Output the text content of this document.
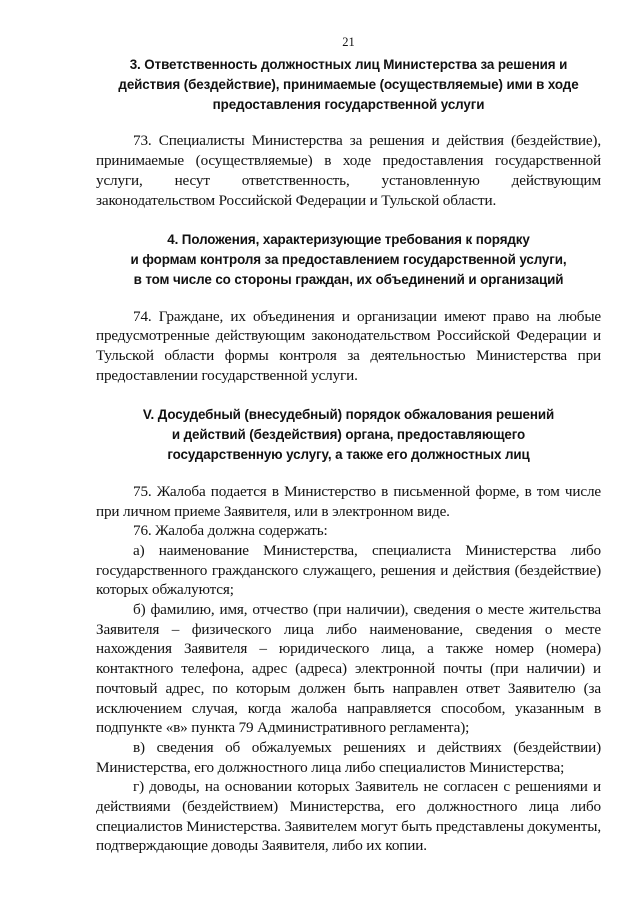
21
3. Ответственность должностных лиц Министерства за решения и
действия (бездействие), принимаемые (осуществляемые) ими в ходе
предоставления государственной услуги

73. Специалисты Министерства за решения и действия (бездействие), принимаемые (осуществляемые) в ходе предоставления государственной услуги, несут ответственность, установленную действующим законодательством Российской Федерации и Тульской области.

4. Положения, характеризующие требования к порядку
и формам контроля за предоставлением государственной услуги,
в том числе со стороны граждан, их объединений и организаций

74. Граждане, их объединения и организации имеют право на любые предусмотренные действующим законодательством Российской Федерации и Тульской области формы контроля за деятельностью Министерства при предоставлении государственной услуги.

V. Досудебный (внесудебный) порядок обжалования решений
и действий (бездействия) органа, предоставляющего
государственную услугу, а также его должностных лиц

75. Жалоба подается в Министерство в письменной форме, в том числе при личном приеме Заявителя, или в электронном виде.

76. Жалоба должна содержать:

а) наименование Министерства, специалиста Министерства либо государственного гражданского служащего, решения и действия (бездействие) которых обжалуются;

б) фамилию, имя, отчество (при наличии), сведения о месте жительства Заявителя – физического лица либо наименование, сведения о месте нахождения Заявителя – юридического лица, а также номер (номера) контактного телефона, адрес (адреса) электронной почты (при наличии) и почтовый адрес, по которым должен быть направлен ответ Заявителю (за исключением случая, когда жалоба направляется способом, указанным в подпункте «в» пункта 79 Административного регламента);

в) сведения об обжалуемых решениях и действиях (бездействии) Министерства, его должностного лица либо специалистов Министерства;

г) доводы, на основании которых Заявитель не согласен с решениями и действиями (бездействием) Министерства, его должностного лица либо специалистов Министерства. Заявителем могут быть представлены документы, подтверждающие доводы Заявителя, либо их копии.
